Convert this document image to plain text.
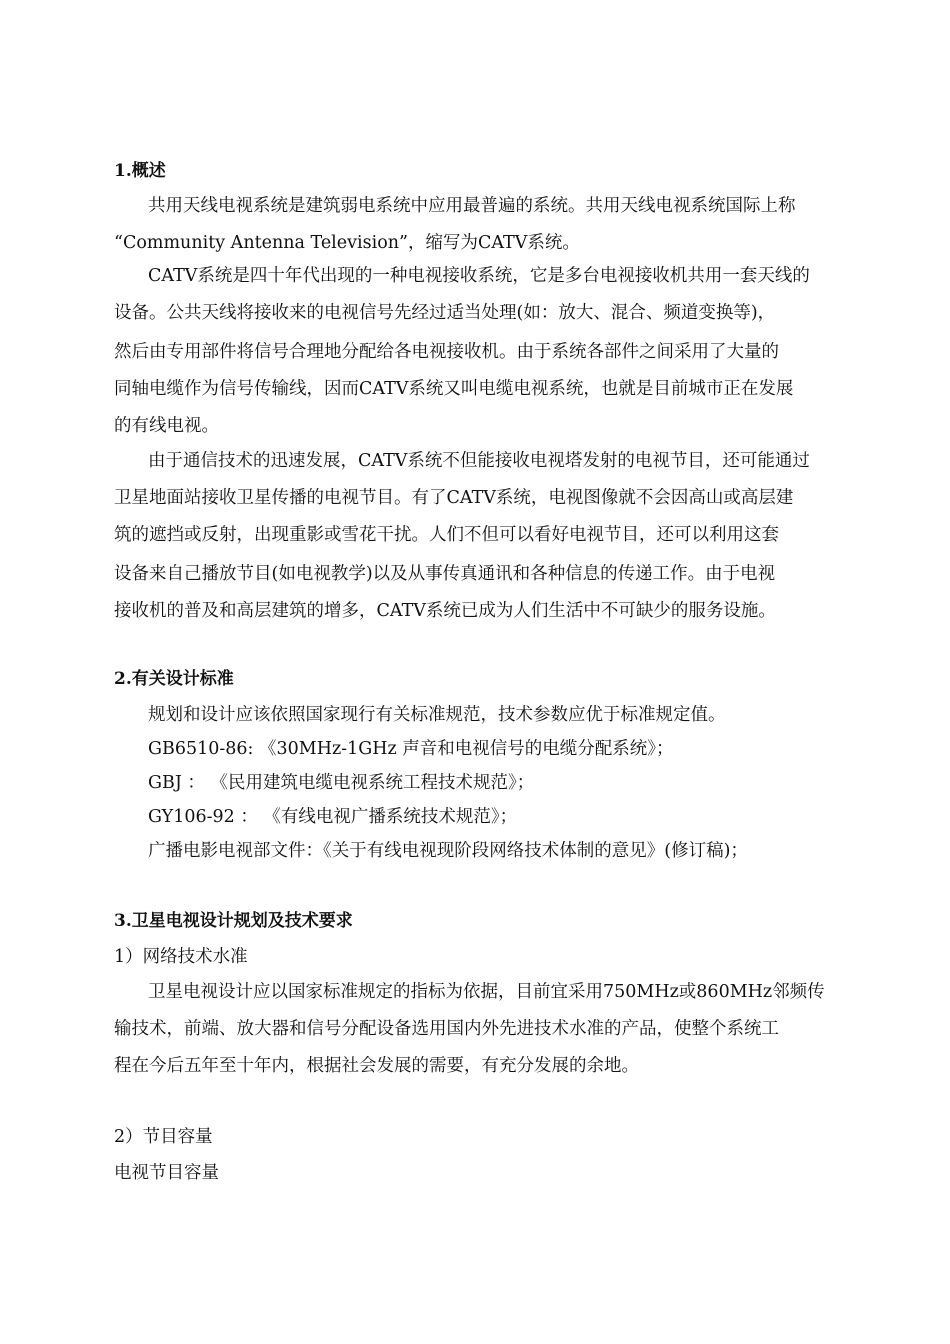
1.概述
共用天线电视系统是建筑弱电系统中应用最普遍的系统。共用天线电视系统国际上称
“Community Antenna Television”，缩写为CATV系统。
CATV系统是四十年代出现的一种电视接收系统，它是多台电视接收机共用一套天线的
设备。公共天线将接收来的电视信号先经过适当处理(如：放大、混合、频道变换等)，
然后由专用部件将信号合理地分配给各电视接收机。由于系统各部件之间采用了大量的
同轴电缆作为信号传输线，因而CATV系统又叫电缆电视系统，也就是目前城市正在发展
的有线电视。
由于通信技术的迅速发展，CATV系统不但能接收电视塔发射的电视节目，还可能通过
卫星地面站接收卫星传播的电视节目。有了CATV系统，电视图像就不会因高山或高层建
筑的遮挡或反射，出现重影或雪花干扰。人们不但可以看好电视节目，还可以利用这套
设备来自己播放节目(如电视教学)以及从事传真通讯和各种信息的传递工作。由于电视
接收机的普及和高层建筑的增多，CATV系统已成为人们生活中不可缺少的服务设施。
2.有关设计标准
规划和设计应该依照国家现行有关标准规范，技术参数应优于标准规定值。
GB6510-86: 《30MHz-1GHz 声音和电视信号的电缆分配系统》；
GBJ ： 《民用建筑电缆电视系统工程技术规范》；
GY106-92 ： 《有线电视广播系统技术规范》；
广播电影电视部文件：《关于有线电视现阶段网络技术体制的意见》(修订稿)；
3.卫星电视设计规划及技术要求
1）网络技术水准
卫星电视设计应以国家标准规定的指标为依据，目前宜采用750MHz或860MHz邻频传
输技术，前端、放大器和信号分配设备选用国内外先进技术水准的产品，使整个系统工
程在今后五年至十年内，根据社会发展的需要，有充分发展的余地。
2）节目容量
电视节目容量
